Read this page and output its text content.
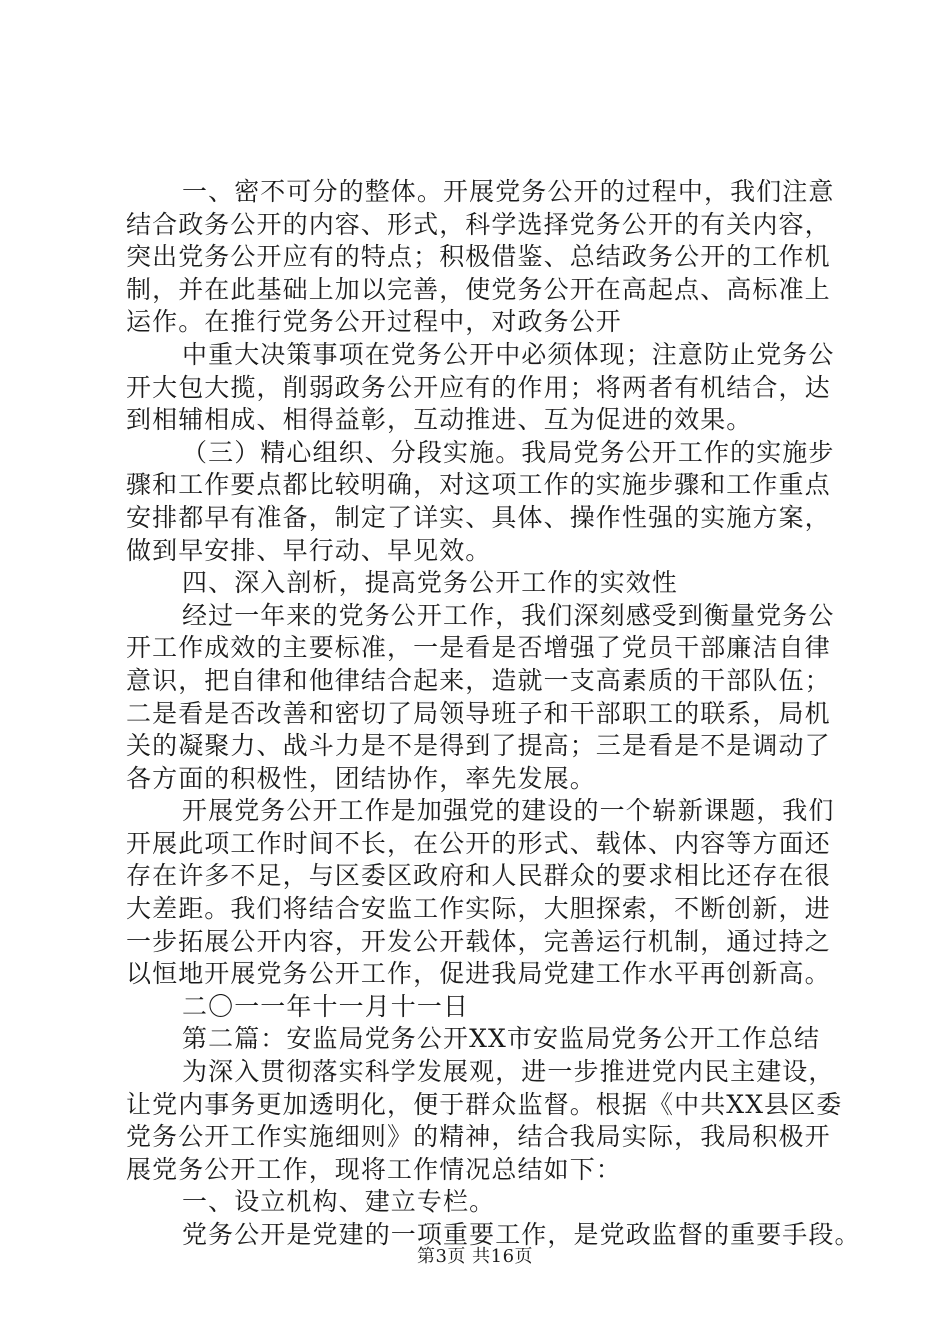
一、密不可分的整体。开展党务公开的过程中，我们注意
结合政务公开的内容、形式，科学选择党务公开的有关内容，
突出党务公开应有的特点；积极借鉴、总结政务公开的工作机
制，并在此基础上加以完善，使党务公开在高起点、高标准上
运作。在推行党务公开过程中，对政务公开
中重大决策事项在党务公开中必须体现；注意防止党务公
开大包大揽，削弱政务公开应有的作用；将两者有机结合，达
到相辅相成、相得益彰，互动推进、互为促进的效果。
（三）精心组织、分段实施。我局党务公开工作的实施步
骤和工作要点都比较明确，对这项工作的实施步骤和工作重点
安排都早有准备，制定了详实、具体、操作性强的实施方案，
做到早安排、早行动、早见效。
四、深入剖析，提高党务公开工作的实效性
经过一年来的党务公开工作，我们深刻感受到衡量党务公
开工作成效的主要标准，一是看是否增强了党员干部廉洁自律
意识，把自律和他律结合起来，造就一支高素质的干部队伍；
二是看是否改善和密切了局领导班子和干部职工的联系，局机
关的凝聚力、战斗力是不是得到了提高；三是看是不是调动了
各方面的积极性，团结协作，率先发展。
开展党务公开工作是加强党的建设的一个崭新课题，我们
开展此项工作时间不长，在公开的形式、载体、内容等方面还
存在许多不足，与区委区政府和人民群众的要求相比还存在很
大差距。我们将结合安监工作实际，大胆探索，不断创新，进
一步拓展公开内容，开发公开载体，完善运行机制，通过持之
以恒地开展党务公开工作，促进我局党建工作水平再创新高。
二〇一一年十一月十一日
第二篇：安监局党务公开XX市安监局党务公开工作总结
为深入贯彻落实科学发展观，进一步推进党内民主建设，
让党内事务更加透明化，便于群众监督。根据《中共XX县区委
党务公开工作实施细则》的精神，结合我局实际，我局积极开
展党务公开工作，现将工作情况总结如下：
一、设立机构、建立专栏。
党务公开是党建的一项重要工作，是党政监督的重要手段。
第3页 共16页
